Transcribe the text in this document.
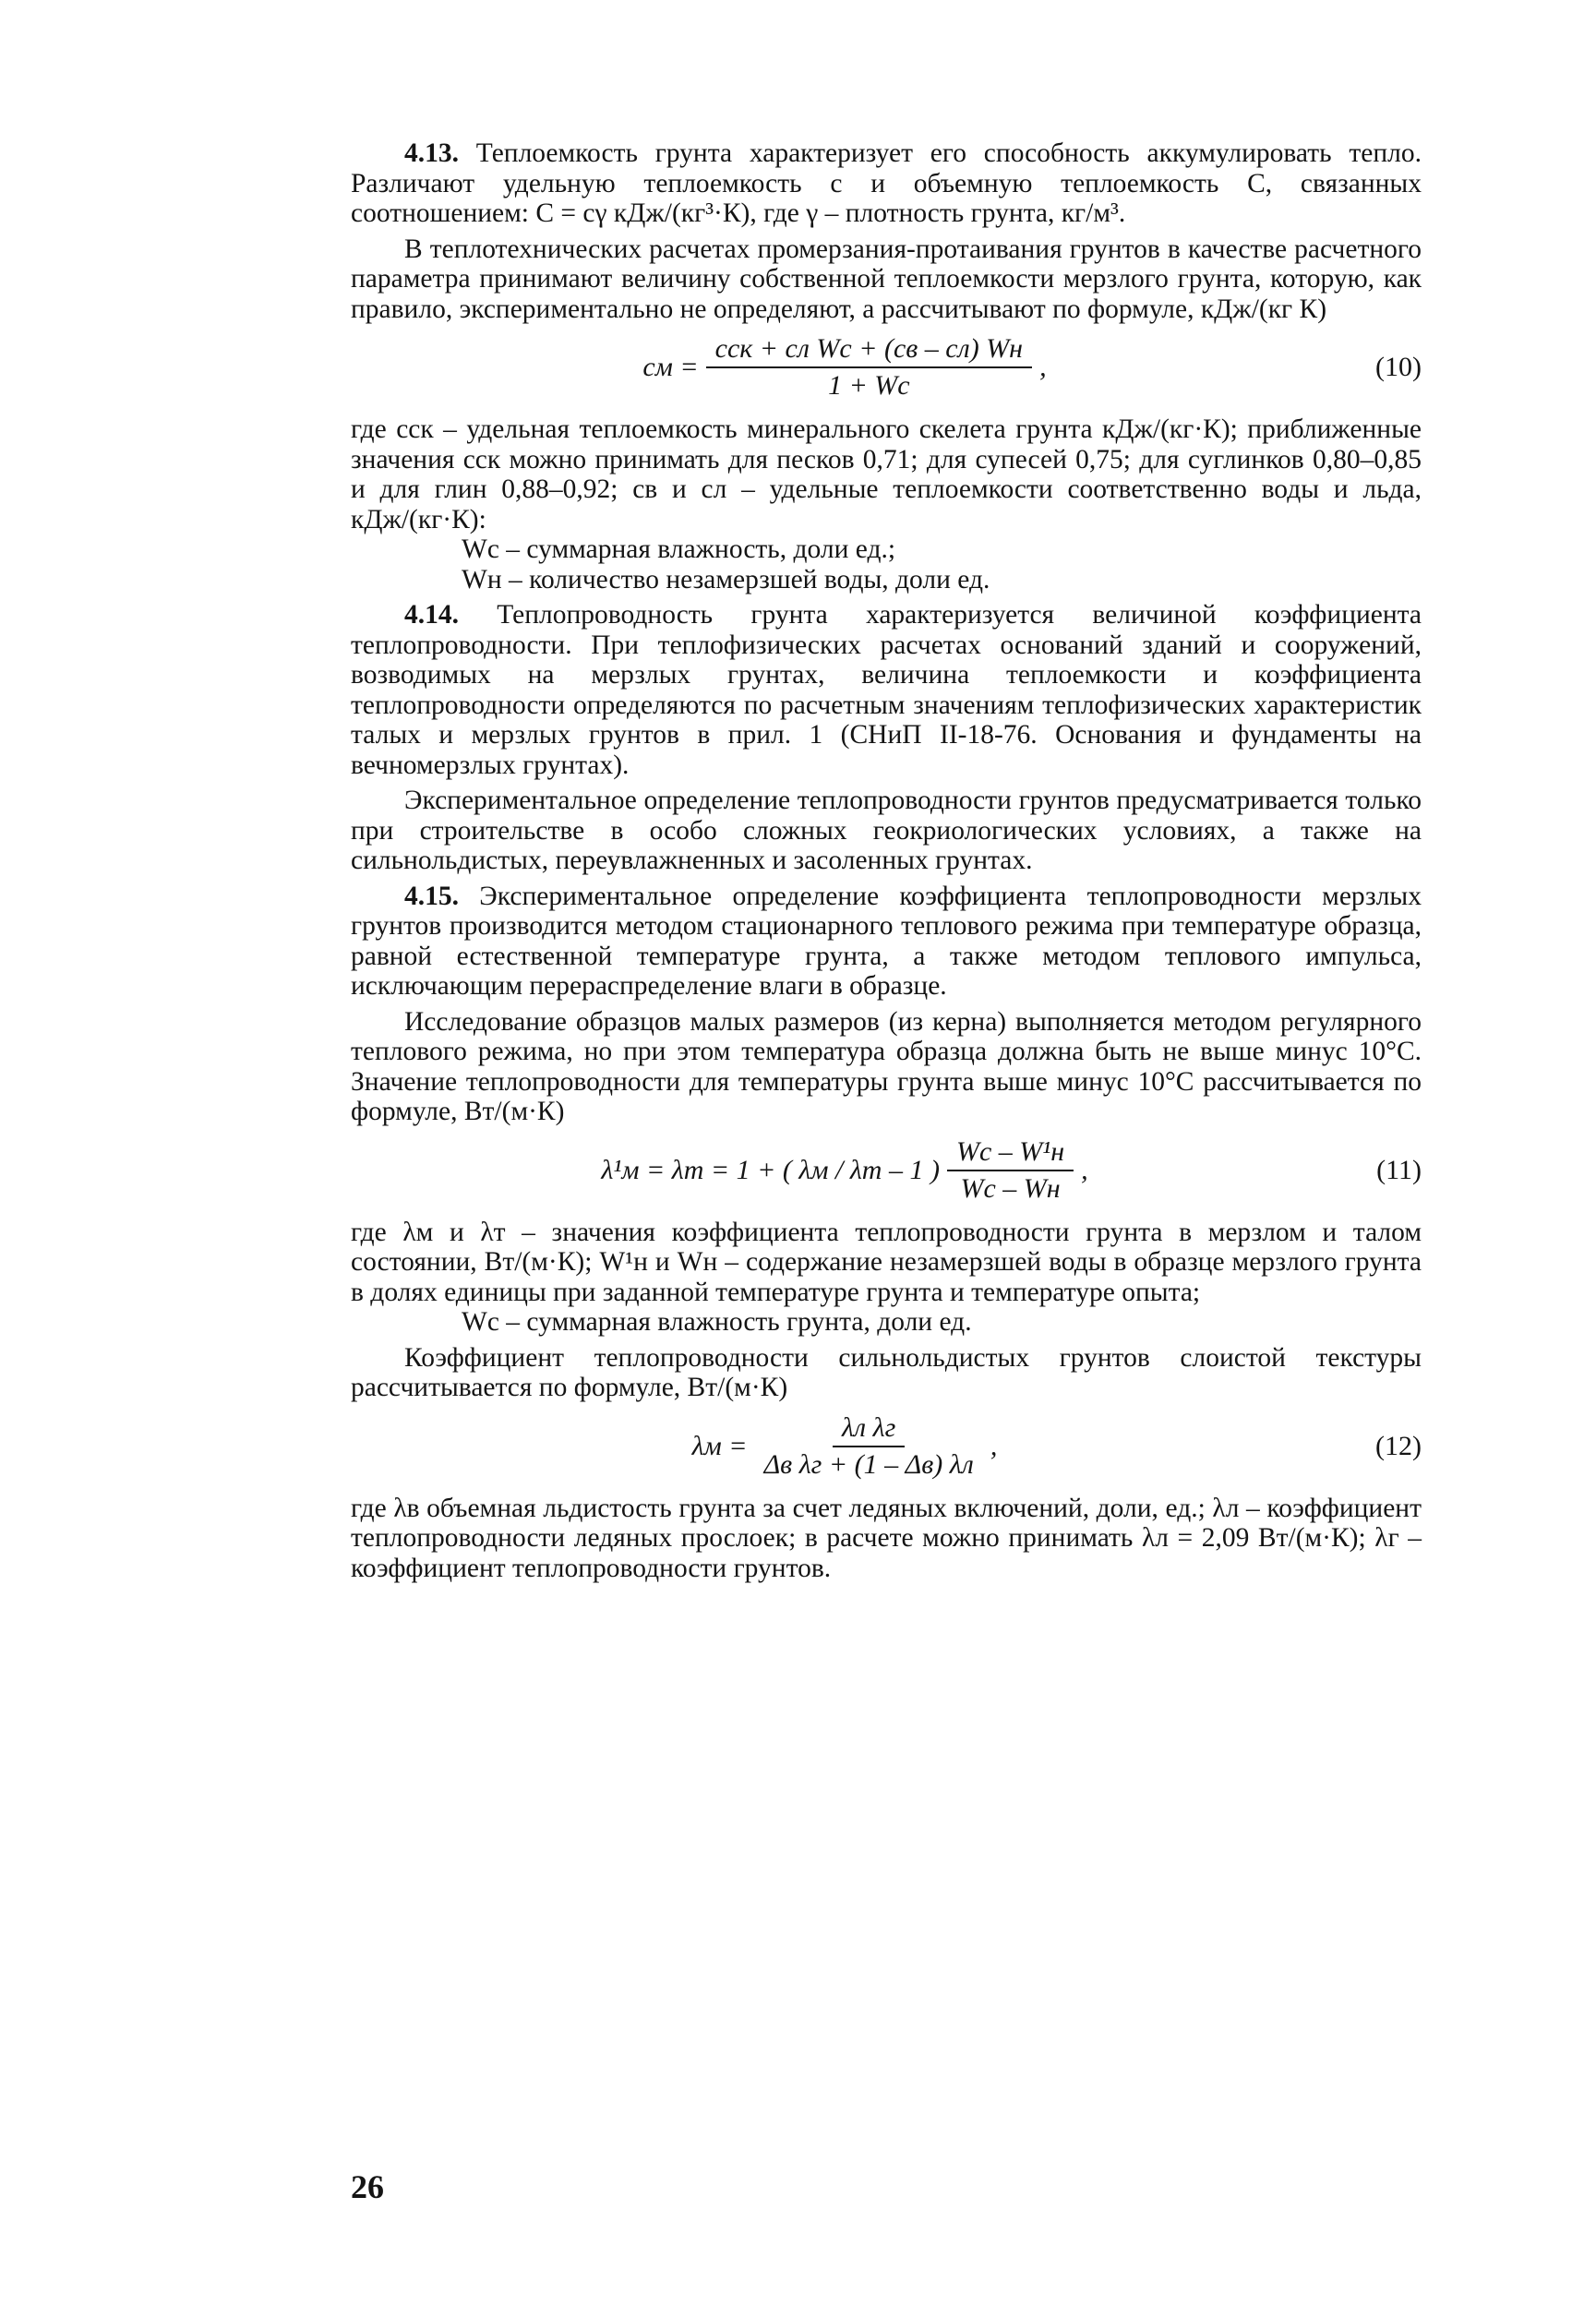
4.13. Теплоемкость грунта характеризует его способность аккумулировать тепло. Различают удельную теплоемкость c и объемную теплоемкость C, связанных соотношением: C = cγ кДж/(кг³·К), где γ – плотность грунта, кг/м³.

В теплотехнических расчетах промерзания-протаивания грунтов в качестве расчетного параметра принимают величину собственной теплоемкости мерзлого грунта, которую, как правило, экспериментально не определяют, а рассчитывают по формуле, кДж/(кг К)

cм = $\frac{\text{cск + cл Wс + (cв – cл) Wн}}{1 + Wс}$ ,	(10)

где cск – удельная теплоемкость минерального скелета грунта кДж/(кг·К); приближенные значения cск можно принимать для песков 0,71; для супесей 0,75; для суглинков 0,80–0,85 и для глин 0,88–0,92; cв и cл – удельные теплоемкости соответственно воды и льда, кДж/(кг·К):

Wс – суммарная влажность, доли ед.;

Wн – количество незамерзшей воды, доли ед.

4.14. Теплопроводность грунта характеризуется величиной коэффициента теплопроводности. При теплофизических расчетах оснований зданий и сооружений, возводимых на мерзлых грунтах, величина теплоемкости и коэффициента теплопроводности определяются по расчетным значениям теплофизических характеристик талых и мерзлых грунтов в прил. 1 (СНиП II-18-76. Основания и фундаменты на вечномерзлых грунтах).

Экспериментальное определение теплопроводности грунтов предусматривается только при строительстве в особо сложных геокриологических условиях, а также на сильнольдистых, переувлажненных и засоленных грунтах.

4.15. Экспериментальное определение коэффициента теплопроводности мерзлых грунтов производится методом стационарного теплового режима при температуре образца, равной естественной температуре грунта, а также методом теплового импульса, исключающим перераспределение влаги в образце.

Исследование образцов малых размеров (из керна) выполняется методом регулярного теплового режима, но при этом температура образца должна быть не выше минус 10°С. Значение теплопроводности для температуры грунта выше минус 10°С рассчитывается по формуле, Вт/(м·К)

λ¹м = λт =
1 + ( λм / λт – 1 ) $\frac{\text{Wс – W¹н}}{Wс - Wн}$ ,	(11)

где λм и λт – значения коэффициента теплопроводности грунта в мерзлом и талом состоянии, Вт/(м·К); W¹н и Wн – содержание незамерзшей воды в образце мерзлого грунта в долях единицы при заданной температуре грунта и температуре опыта;

Wс – суммарная влажность грунта, доли ед.

Коэффициент теплопроводности сильнольдистых грунтов слоистой текстуры рассчитывается по формуле, Вт/(м·К)

$\lambda м = \frac{\text{λл λг}}{\text{Δв λг + (1 – Δв) λл}}$ ,	(12)

где λв объемная льдистость грунта за счет ледяных включений, доли, ед.; λл – коэффициент теплопроводности ледяных прослоек; в расчете можно принимать λл = 2,09 Вт/(м·К); λг – коэффициент теплопроводности грунтов.

26
